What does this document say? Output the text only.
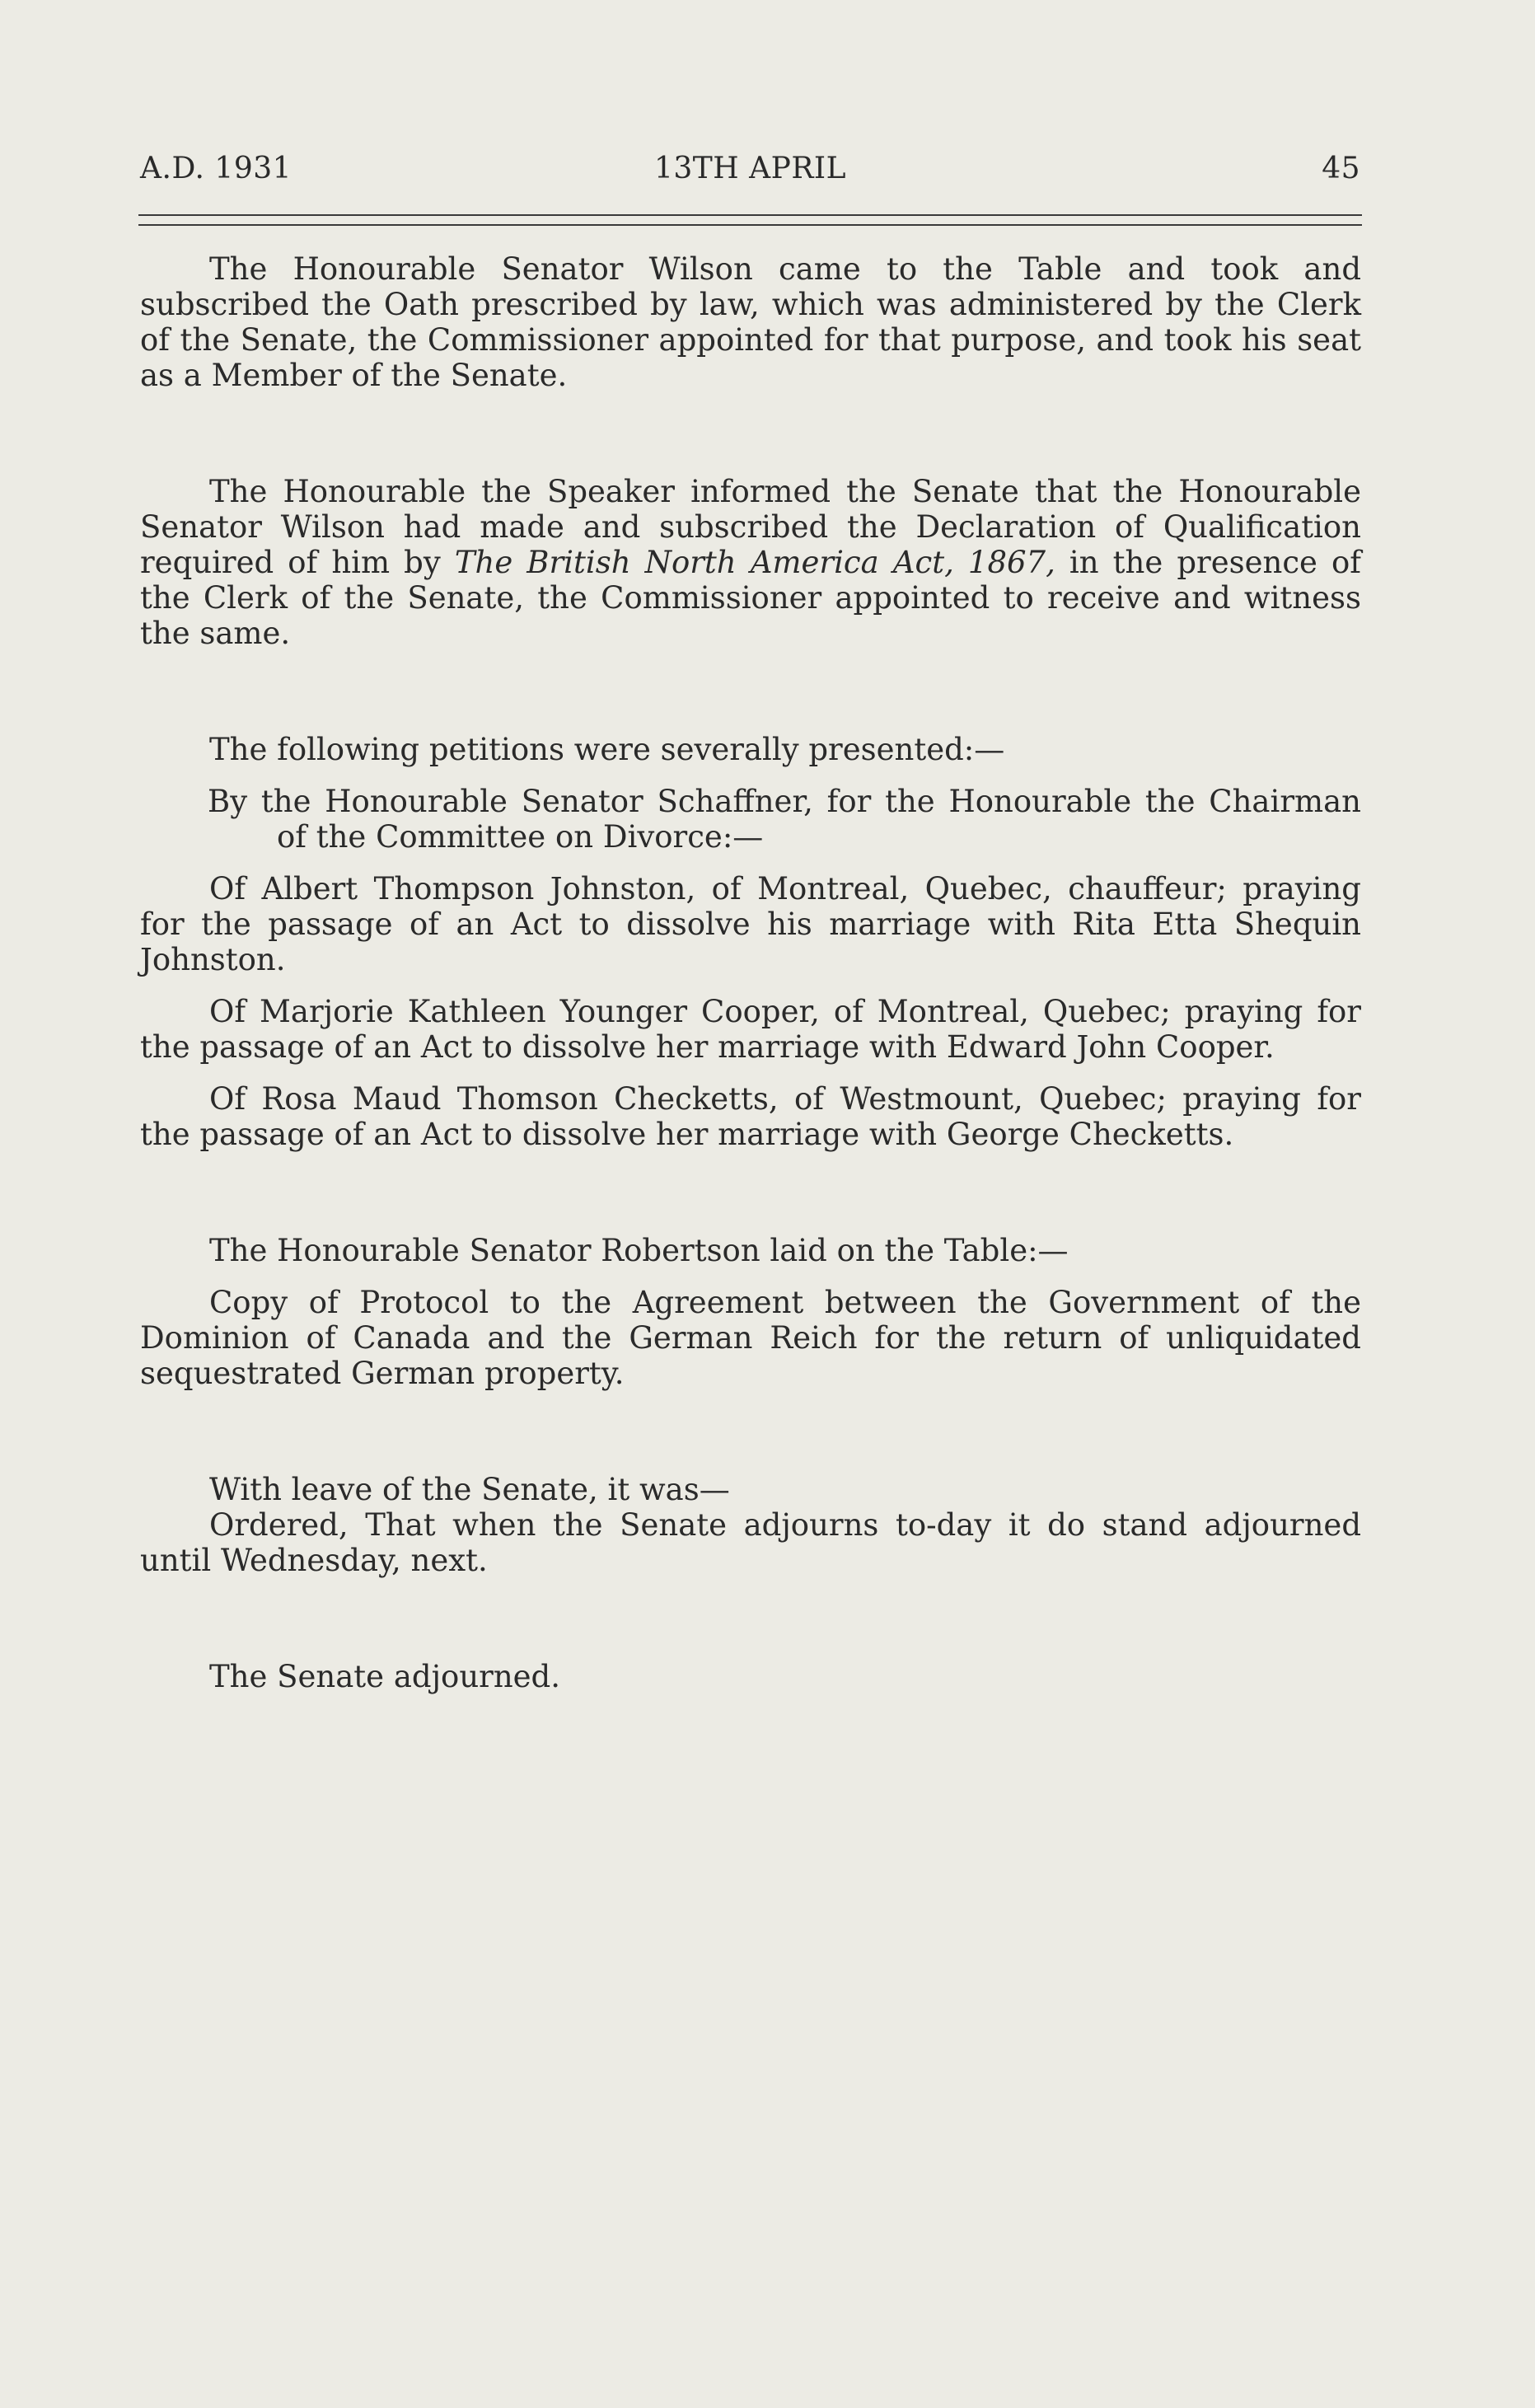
A.D. 1931	13TH APRIL	45

The Honourable Senator Wilson came to the Table and took and subscribed the Oath prescribed by law, which was administered by the Clerk of the Senate, the Commissioner appointed for that purpose, and took his seat as a Member of the Senate.

The Honourable the Speaker informed the Senate that the Honourable Senator Wilson had made and subscribed the Declaration of Qualification required of him by The British North America Act, 1867, in the presence of the Clerk of the Senate, the Commissioner appointed to receive and witness the same.

The following petitions were severally presented:—

By the Honourable Senator Schaffner, for the Honourable the Chairman of the Committee on Divorce:—

Of Albert Thompson Johnston, of Montreal, Quebec, chauffeur; praying for the passage of an Act to dissolve his marriage with Rita Etta Shequin Johnston.

Of Marjorie Kathleen Younger Cooper, of Montreal, Quebec; praying for the passage of an Act to dissolve her marriage with Edward John Cooper.

Of Rosa Maud Thomson Checketts, of Westmount, Quebec; praying for the passage of an Act to dissolve her marriage with George Checketts.

The Honourable Senator Robertson laid on the Table:—

Copy of Protocol to the Agreement between the Government of the Dominion of Canada and the German Reich for the return of unliquidated sequestrated German property.

With leave of the Senate, it was—

Ordered, That when the Senate adjourns to-day it do stand adjourned until Wednesday, next.

The Senate adjourned.
